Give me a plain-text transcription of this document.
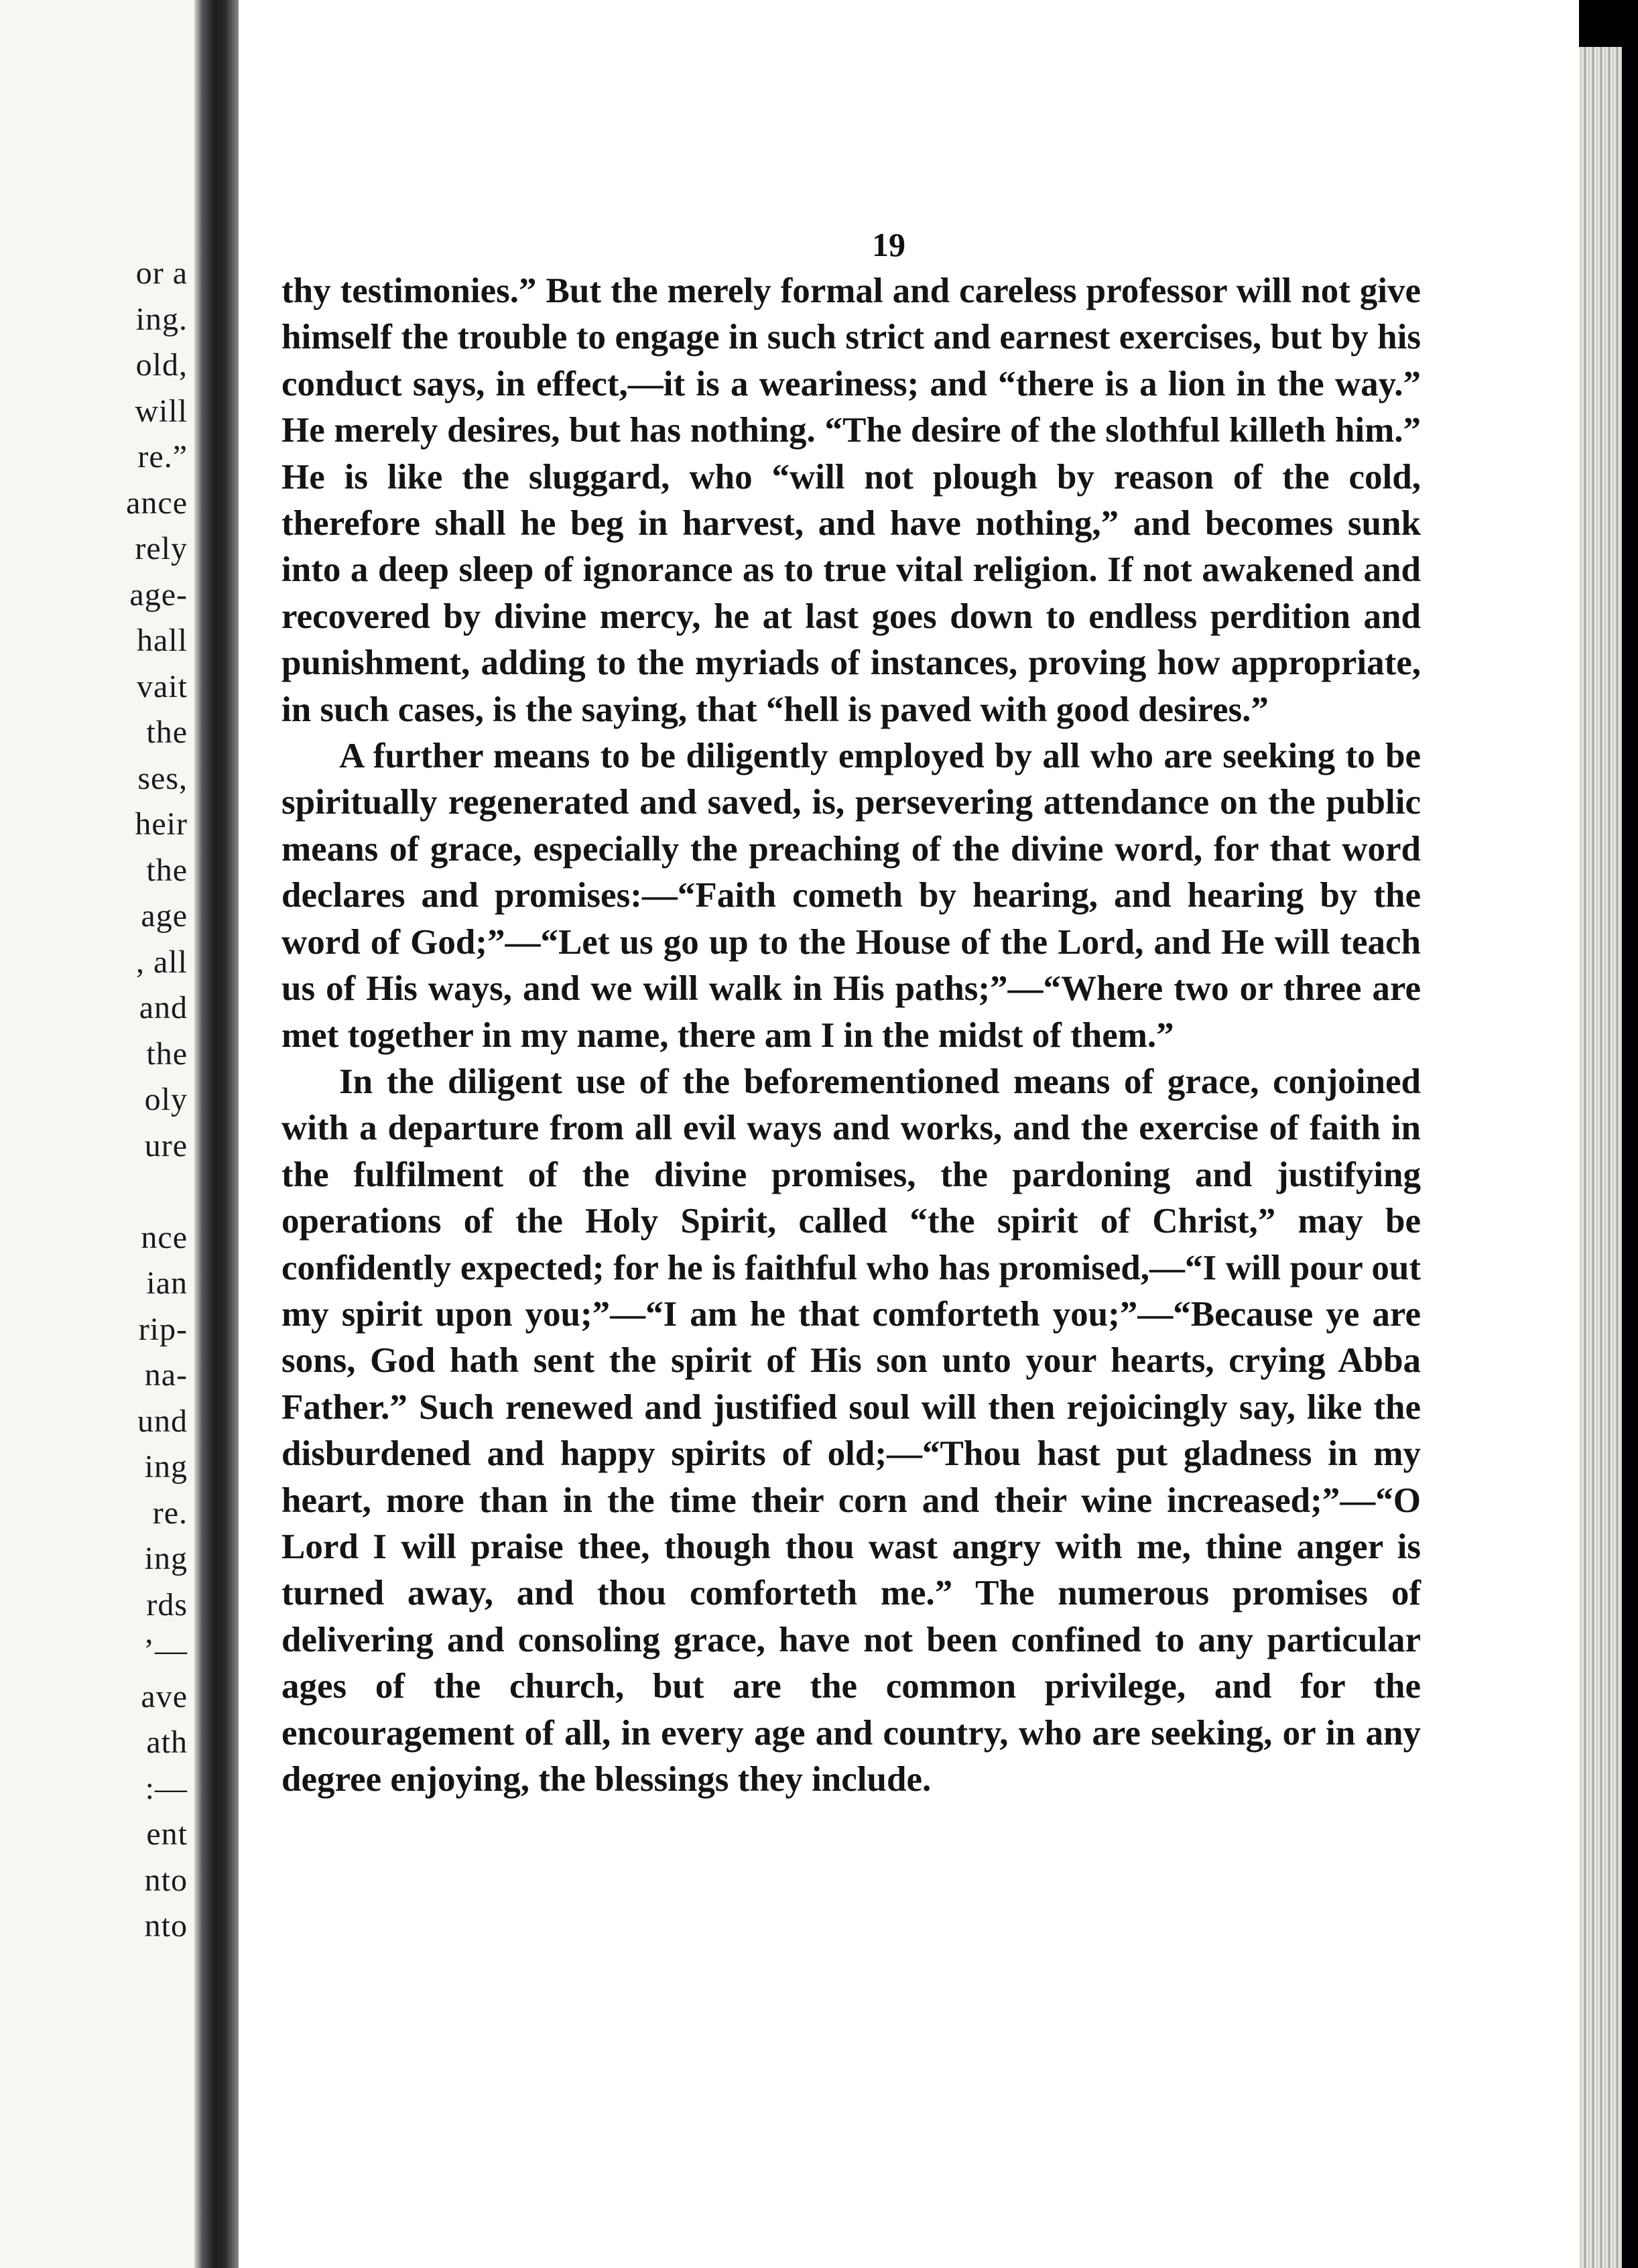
or a
ing.
old,
will
re.”
ance
rely
age-
hall
vait
the
ses,
heir
the
age
, all
and
the
oly
ure
nce
ian
rip-
na-
und
ing
re.
ing
rds
’—
ave
ath
:—
ent
nto
nto
19

thy testimonies.” But the merely formal and careless professor will not give himself the trouble to engage in such strict and earnest exercises, but by his conduct says, in effect,—it is a weariness; and “there is a lion in the way.” He merely desires, but has nothing. “The desire of the slothful killeth him.” He is like the sluggard, who “will not plough by reason of the cold, therefore shall he beg in harvest, and have nothing,” and becomes sunk into a deep sleep of ignorance as to true vital religion. If not awakened and recovered by divine mercy, he at last goes down to endless perdition and punishment, adding to the myriads of instances, proving how appropriate, in such cases, is the saying, that “hell is paved with good desires.”

A further means to be diligently employed by all who are seeking to be spiritually regenerated and saved, is, persevering attendance on the public means of grace, especially the preaching of the divine word, for that word declares and promises:—“Faith cometh by hearing, and hearing by the word of God;”—“Let us go up to the House of the Lord, and He will teach us of His ways, and we will walk in His paths;”—“Where two or three are met together in my name, there am I in the midst of them.”

In the diligent use of the beforementioned means of grace, conjoined with a departure from all evil ways and works, and the exercise of faith in the fulfilment of the divine promises, the pardoning and justifying operations of the Holy Spirit, called “the spirit of Christ,” may be confidently expected; for he is faithful who has promised,—“I will pour out my spirit upon you;”—“I am he that comforteth you;”—“Because ye are sons, God hath sent the spirit of His son unto your hearts, crying Abba Father.” Such renewed and justified soul will then rejoicingly say, like the disburdened and happy spirits of old;—“Thou hast put gladness in my heart, more than in the time their corn and their wine increased;”—“O Lord I will praise thee, though thou wast angry with me, thine anger is turned away, and thou comforteth me.” The numerous promises of delivering and consoling grace, have not been confined to any particular ages of the church, but are the common privilege, and for the encouragement of all, in every age and country, who are seeking, or in any degree enjoying, the blessings they include.
